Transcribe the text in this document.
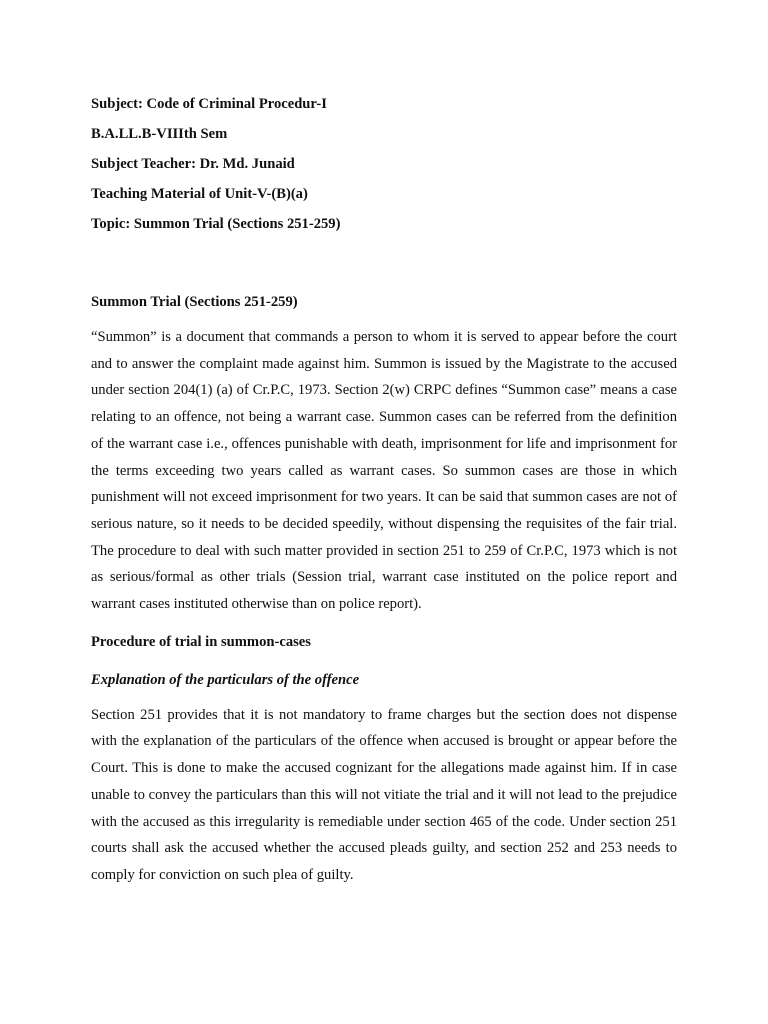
Subject: Code of Criminal Procedur-I

B.A.LL.B-VIIIth Sem

Subject Teacher: Dr. Md. Junaid

Teaching Material of Unit-V-(B)(a)

Topic: Summon Trial (Sections 251-259)

Summon Trial (Sections 251-259)

“Summon” is a document that commands a person to whom it is served to appear before the court and to answer the complaint made against him. Summon is issued by the Magistrate to the accused under section 204(1) (a) of Cr.P.C, 1973. Section 2(w) CRPC defines “Summon case” means a case relating to an offence, not being a warrant case. Summon cases can be referred from the definition of the warrant case i.e., offences punishable with death, imprisonment for life and imprisonment for the terms exceeding two years called as warrant cases. So summon cases are those in which punishment will not exceed imprisonment for two years. It can be said that summon cases are not of serious nature, so it needs to be decided speedily, without dispensing the requisites of the fair trial. The procedure to deal with such matter provided in section 251 to 259 of Cr.P.C, 1973 which is not as serious/formal as other trials (Session trial, warrant case instituted on the police report and warrant cases instituted otherwise than on police report).

Procedure of trial in summon-cases

Explanation of the particulars of the offence

Section 251 provides that it is not mandatory to frame charges but the section does not dispense with the explanation of the particulars of the offence when accused is brought or appear before the Court. This is done to make the accused cognizant for the allegations made against him. If in case unable to convey the particulars than this will not vitiate the trial and it will not lead to the prejudice with the accused as this irregularity is remediable under section 465 of the code. Under section 251 courts shall ask the accused whether the accused pleads guilty, and section 252 and 253 needs to comply for conviction on such plea of guilty.
